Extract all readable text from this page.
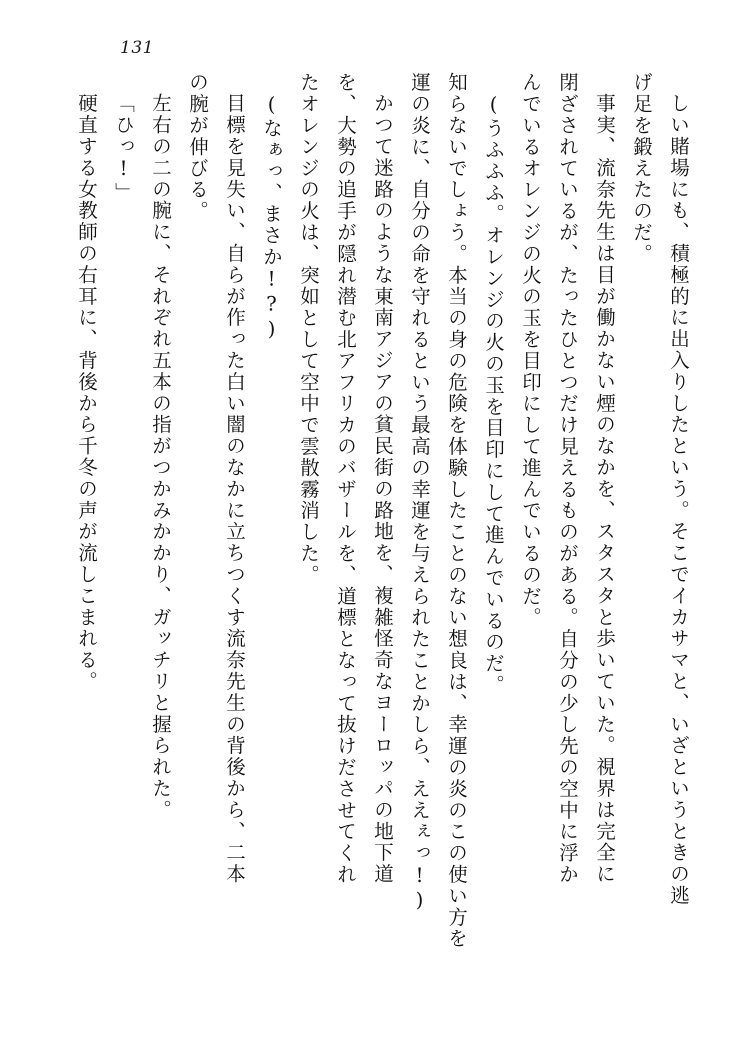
131
しい賭場にも、積極的に出入りしたという。そこでイカサマと、いざというときの逃
げ足を鍛えたのだ。
事実、流奈先生は目が働かない煙のなかを、スタスタと歩いていた。視界は完全に
閉ざされているが、たったひとつだけ見えるものがある。自分の少し先の空中に浮か
んでいるオレンジの火の玉を目印にして進んでいるのだ。
(うふふふ。オレンジの火の玉を目印にして進んでいるのだ。
知らないでしょう。本当の身の危険を体験したことのない想良は、幸運の炎のこの使い方を
運の炎に、自分の命を守れるという最高の幸運を与えられたことかしら、ええぇっ!)
かつて迷路のような東南アジアの貧民街の路地を、複雑怪奇なヨーロッパの地下道
を、大勢の追手が隠れ潜む北アフリカのバザールを、道標となって抜けださせてくれ
たオレンジの火は、突如として空中で雲散霧消した。
(なぁっ、まさか!?)
目標を見失い、自らが作った白い闇のなかに立ちつくす流奈先生の背後から、二本
の腕が伸びる。
左右の二の腕に、それぞれ五本の指がつかみかかり、ガッチリと握られた。
「ひっ!」
硬直する女教師の右耳に、背後から千冬の声が流しこまれる。
